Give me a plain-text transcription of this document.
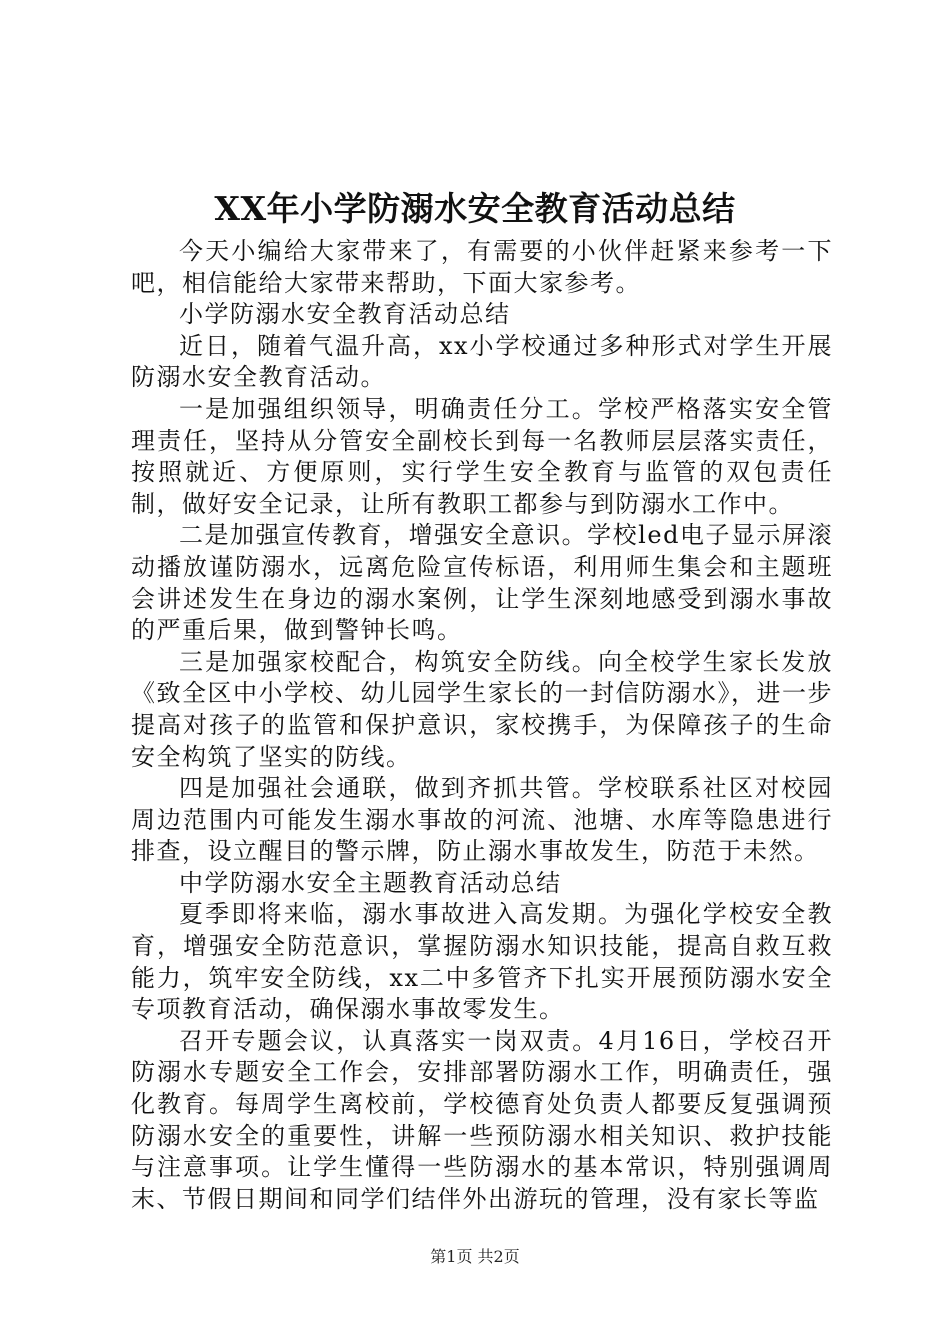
XX年小学防溺水安全教育活动总结

今天小编给大家带来了，有需要的小伙伴赶紧来参考一下吧，相信能给大家带来帮助，下面大家参考。

小学防溺水安全教育活动总结

近日，随着气温升高，xx小学校通过多种形式对学生开展防溺水安全教育活动。

一是加强组织领导，明确责任分工。学校严格落实安全管理责任，坚持从分管安全副校长到每一名教师层层落实责任，按照就近、方便原则，实行学生安全教育与监管的双包责任制，做好安全记录，让所有教职工都参与到防溺水工作中。

二是加强宣传教育，增强安全意识。学校led电子显示屏滚动播放谨防溺水，远离危险宣传标语，利用师生集会和主题班会讲述发生在身边的溺水案例，让学生深刻地感受到溺水事故的严重后果，做到警钟长鸣。

三是加强家校配合，构筑安全防线。向全校学生家长发放《致全区中小学校、幼儿园学生家长的一封信防溺水》，进一步提高对孩子的监管和保护意识，家校携手，为保障孩子的生命安全构筑了坚实的防线。

四是加强社会通联，做到齐抓共管。学校联系社区对校园周边范围内可能发生溺水事故的河流、池塘、水库等隐患进行排查，设立醒目的警示牌，防止溺水事故发生，防范于未然。

中学防溺水安全主题教育活动总结

夏季即将来临，溺水事故进入高发期。为强化学校安全教育，增强安全防范意识，掌握防溺水知识技能，提高自救互救能力，筑牢安全防线，xx二中多管齐下扎实开展预防溺水安全专项教育活动，确保溺水事故零发生。

召开专题会议，认真落实一岗双责。4月16日，学校召开防溺水专题安全工作会，安排部署防溺水工作，明确责任，强化教育。每周学生离校前，学校德育处负责人都要反复强调预防溺水安全的重要性，讲解一些预防溺水相关知识、救护技能与注意事项。让学生懂得一些防溺水的基本常识，特别强调周末、节假日期间和同学们结伴外出游玩的管理，没有家长等监

第1页 共2页
